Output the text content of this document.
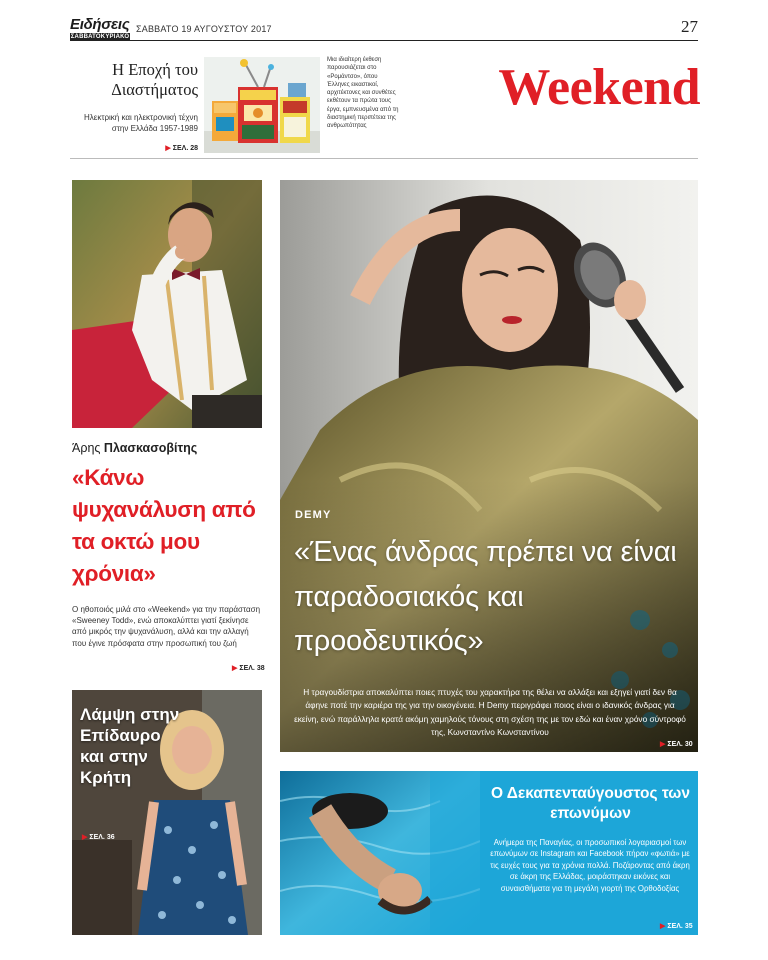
Ειδήσεις
ΣΑΒΒΑΤΟΚΥΡΙΑΚΟ
ΣΑΒΒΑΤΟ 19 ΑΥΓΟΥΣΤΟΥ 2017	27
Η Εποχή του Διαστήματος
Ηλεκτρική και ηλεκτρονική τέχνη στην Ελλάδα 1957-1989
▶ ΣΕΛ. 28
Μια ιδιαίτερη έκθεση παρουσιάζεται στο «Ρομάντσο», όπου Έλληνες εικαστικοί, αρχιτέκτονες και συνθέτες εκθέτουν τα πρώτα τους έργα, εμπνευσμένα από τη διαστημική περιπέτεια της ανθρωπότητας
Weekend
Άρης Πλασκασοβίτης
«Κάνω ψυχανάλυση από τα οκτώ μου χρόνια»
Ο ηθοποιός μιλά στο «Weekend» για την παράσταση «Sweeney Todd», ενώ αποκαλύπτει γιατί ξεκίνησε από μικρός την ψυχανάλυση, αλλά και την αλλαγή που έγινε πρόσφατα στην προσωπική του ζωή
▶ ΣΕΛ. 38
Λάμψη στην Επίδαυρο και στην Κρήτη
▶ ΣΕΛ. 36
DEMY
«Ένας άνδρας πρέπει να είναι παραδοσιακός και προοδευτικός»
Η τραγουδίστρια αποκαλύπτει ποιες πτυχές του χαρακτήρα της θέλει να αλλάξει και εξηγεί γιατί δεν θα άφηνε ποτέ την καριέρα της για την οικογένεια. Η Demy περιγράφει ποιος είναι ο ιδανικός άνδρας για εκείνη, ενώ παράλληλα κρατά ακόμη χαμηλούς τόνους στη σχέση της με τον εδώ και έναν χρόνο σύντροφό της, Κωνσταντίνο Κωνσταντίνου
▶ ΣΕΛ. 30
Ο Δεκαπενταύγουστος των επωνύμων
Ανήμερα της Παναγίας, οι προσωπικοί λογαριασμοί των επωνύμων σε Instagram και Facebook πήραν «φωτιά» με τις ευχές τους για τα χρόνια πολλά. Ποζάροντας από άκρη σε άκρη της Ελλάδας, μοιράστηκαν εικόνες και συναισθήματα για τη μεγάλη γιορτή της Ορθοδοξίας
▶ ΣΕΛ. 35
